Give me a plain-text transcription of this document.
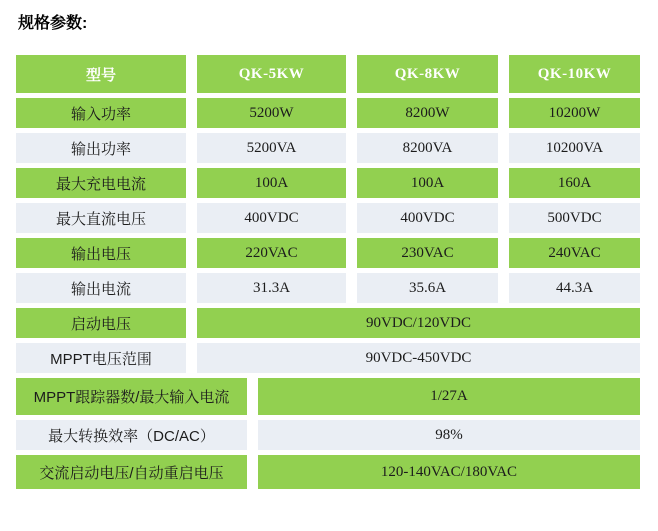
规格参数:
型号	QK-5KW	QK-8KW	QK-10KW
输入功率	5200W	8200W	10200W
输出功率	5200VA	8200VA	10200VA
最大充电电流	100A	100A	160A
最大直流电压	400VDC	400VDC	500VDC
输出电压	220VAC	230VAC	240VAC
输出电流	31.3A	35.6A	44.3A
启动电压	90VDC/120VDC
MPPT电压范围	90VDC-450VDC
MPPT跟踪器数/最大输入电流	1/27A
最大转换效率（DC/AC）	98%
交流启动电压/自动重启电压	120-140VAC/180VAC
